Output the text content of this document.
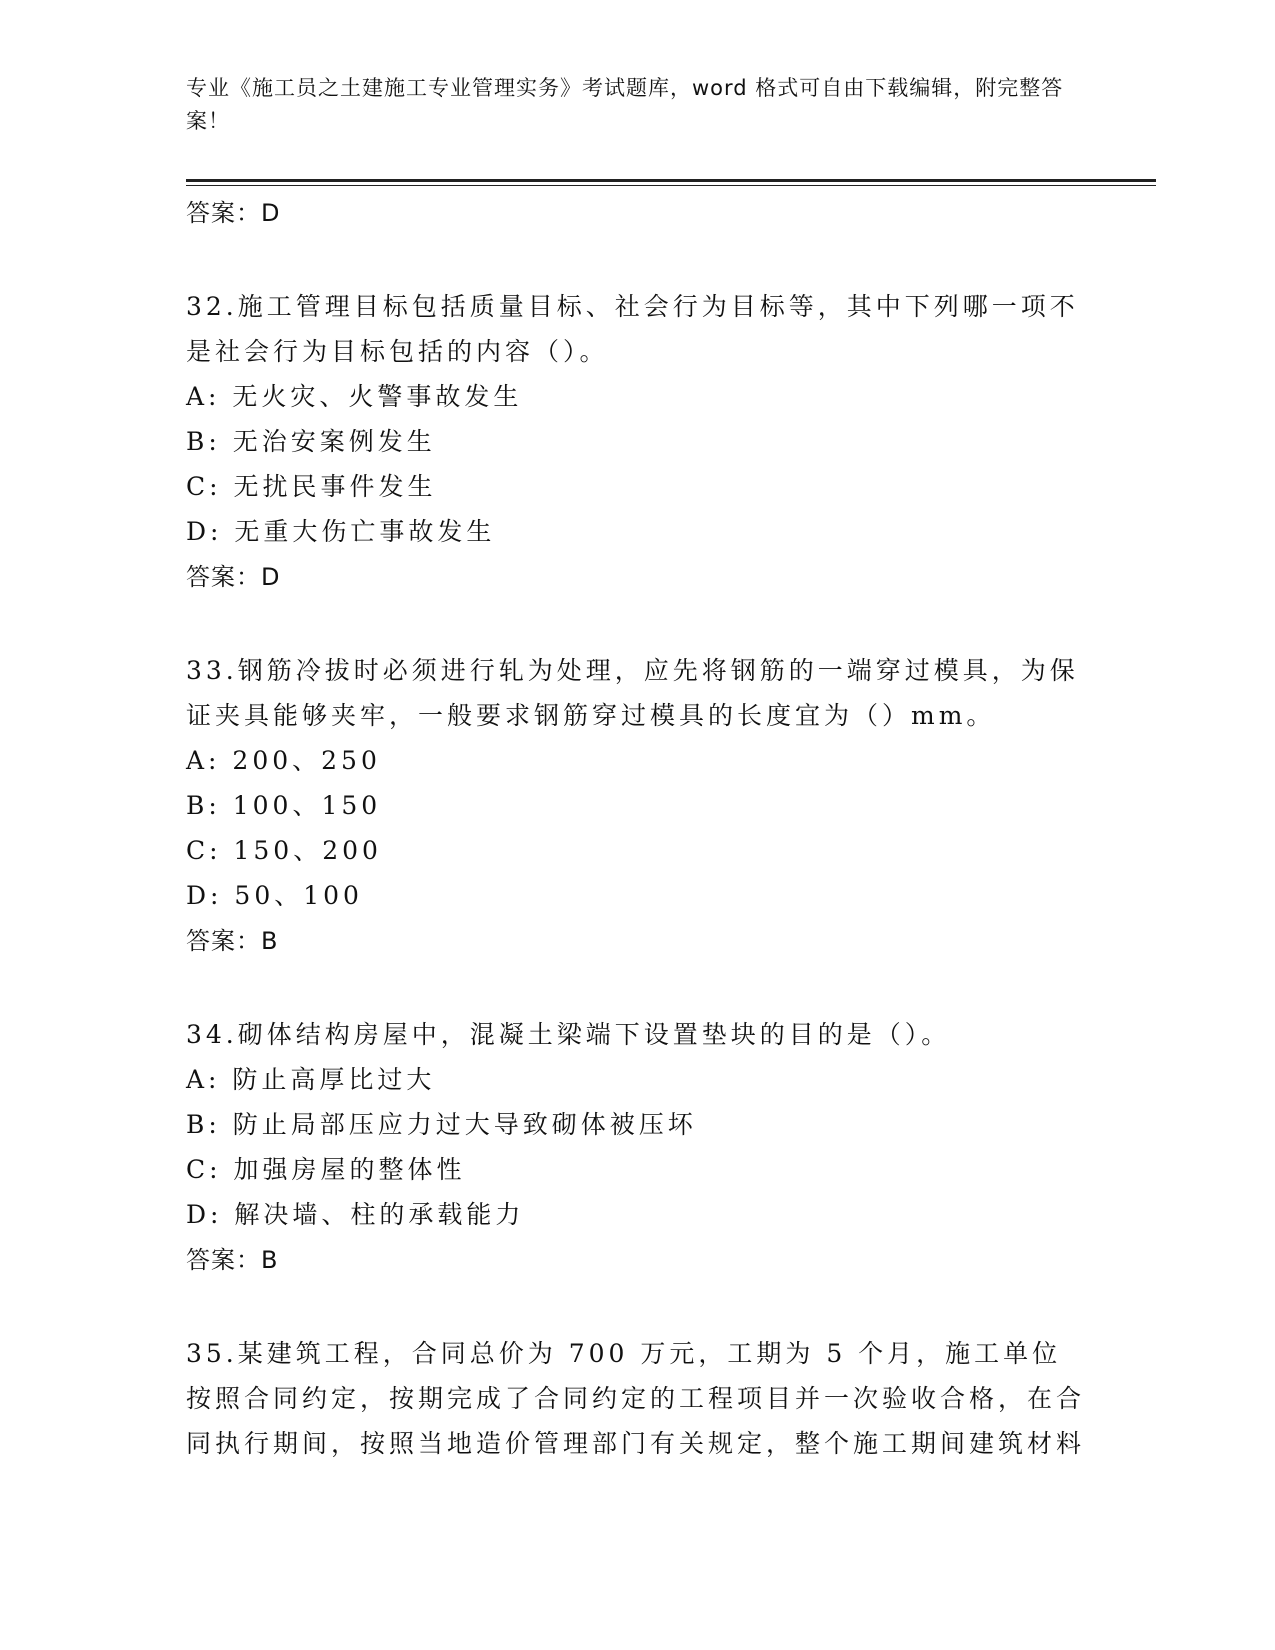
专业《施工员之土建施工专业管理实务》考试题库，word 格式可自由下载编辑，附完整答案！
答案：D
32.施工管理目标包括质量目标、社会行为目标等，其中下列哪一项不是社会行为目标包括的内容（）。
A: 无火灾、火警事故发生
B: 无治安案例发生
C: 无扰民事件发生
D: 无重大伤亡事故发生
答案：D
33.钢筋冷拔时必须进行轧为处理，应先将钢筋的一端穿过模具，为保证夹具能够夹牢，一般要求钢筋穿过模具的长度宜为（）mm。
A: 200、250
B: 100、150
C: 150、200
D: 50、100
答案：B
34.砌体结构房屋中，混凝土梁端下设置垫块的目的是（）。
A: 防止高厚比过大
B: 防止局部压应力过大导致砌体被压坏
C: 加强房屋的整体性
D: 解决墙、柱的承载能力
答案：B
35.某建筑工程，合同总价为 700 万元，工期为 5 个月，施工单位按照合同约定，按期完成了合同约定的工程项目并一次验收合格，在合同执行期间，按照当地造价管理部门有关规定，整个施工期间建筑材料
